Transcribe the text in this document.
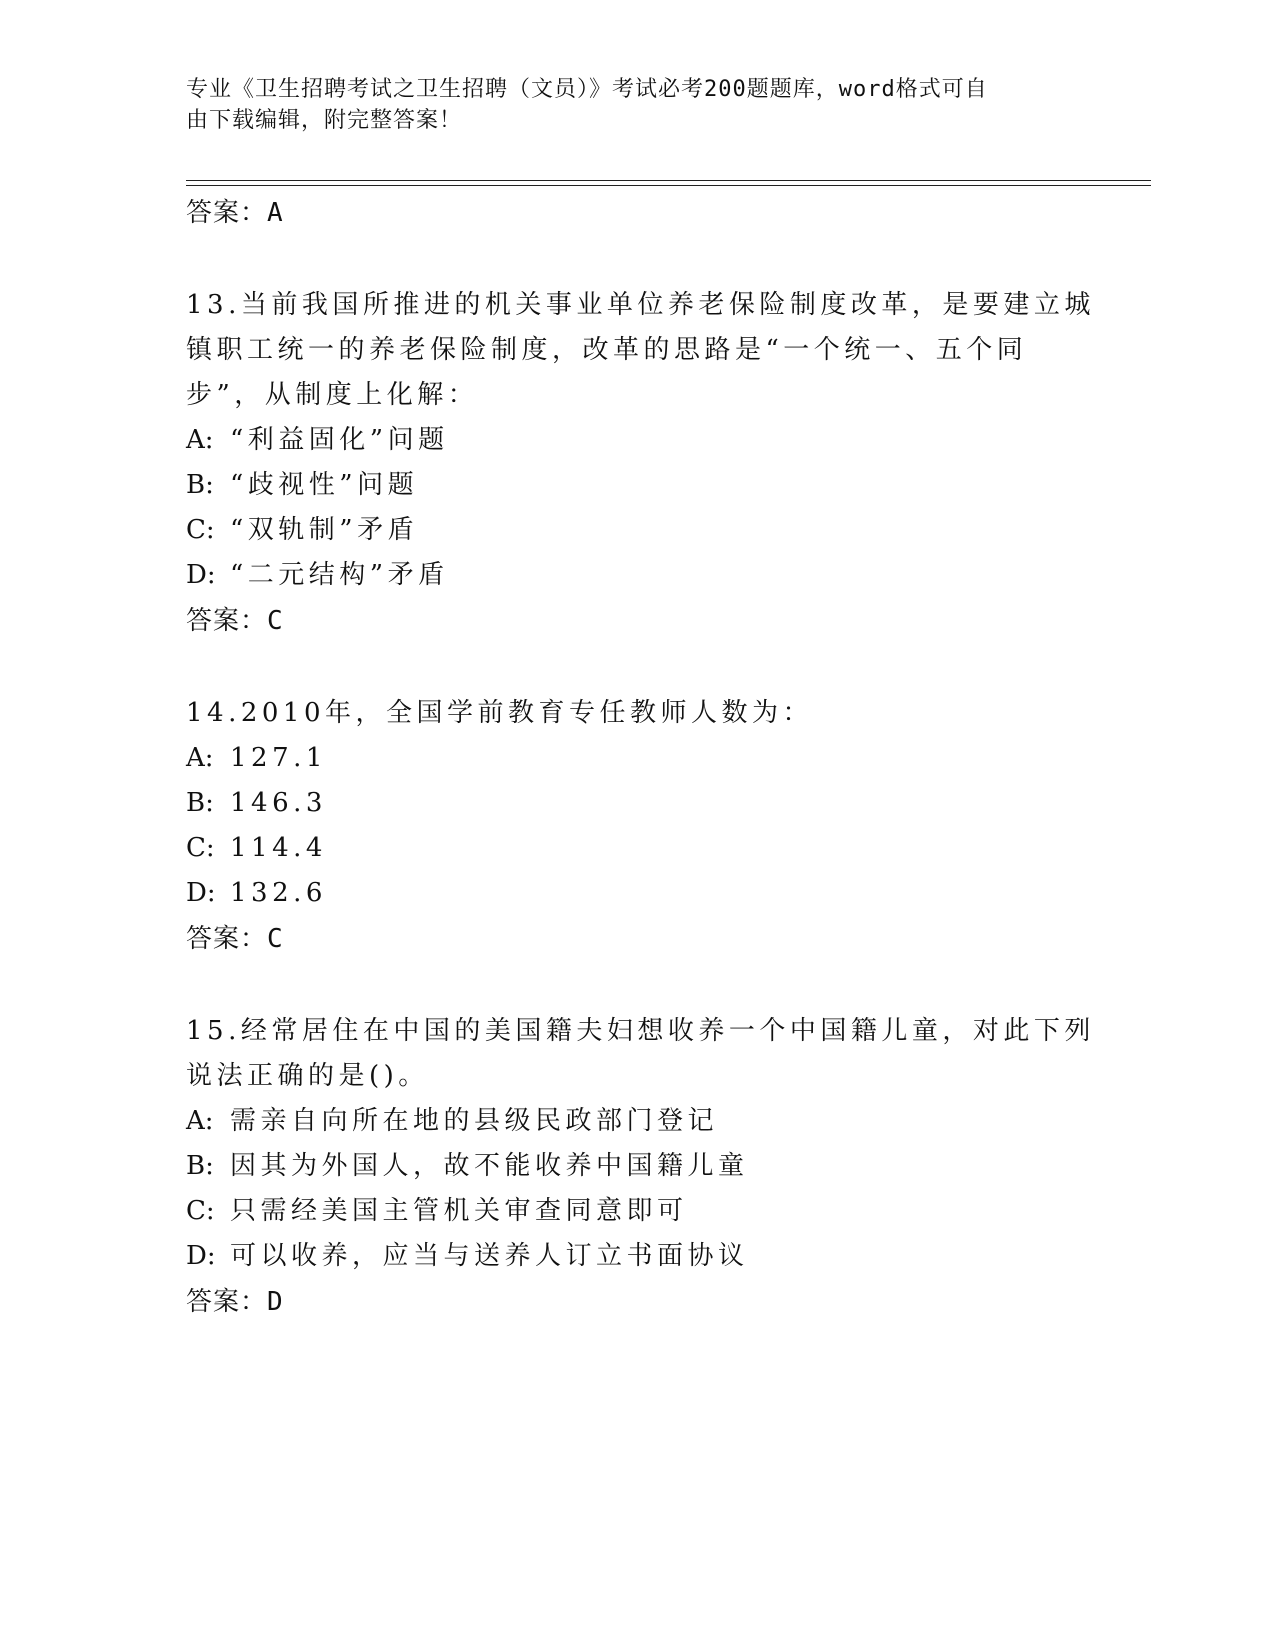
专业《卫生招聘考试之卫生招聘（文员）》考试必考200题题库，word格式可自
由下载编辑，附完整答案！
答案：A
13.当前我国所推进的机关事业单位养老保险制度改革，是要建立城镇职工统一的养老保险制度，改革的思路是“一个统一、五个同步”，从制度上化解：
A: “利益固化”问题
B: “歧视性”问题
C: “双轨制”矛盾
D: “二元结构”矛盾
答案：C
14.2010年，全国学前教育专任教师人数为：
A: 127.1
B: 146.3
C: 114.4
D: 132.6
答案：C
15.经常居住在中国的美国籍夫妇想收养一个中国籍儿童，对此下列说法正确的是()。
A: 需亲自向所在地的县级民政部门登记
B: 因其为外国人，故不能收养中国籍儿童
C: 只需经美国主管机关审查同意即可
D: 可以收养，应当与送养人订立书面协议
答案：D
